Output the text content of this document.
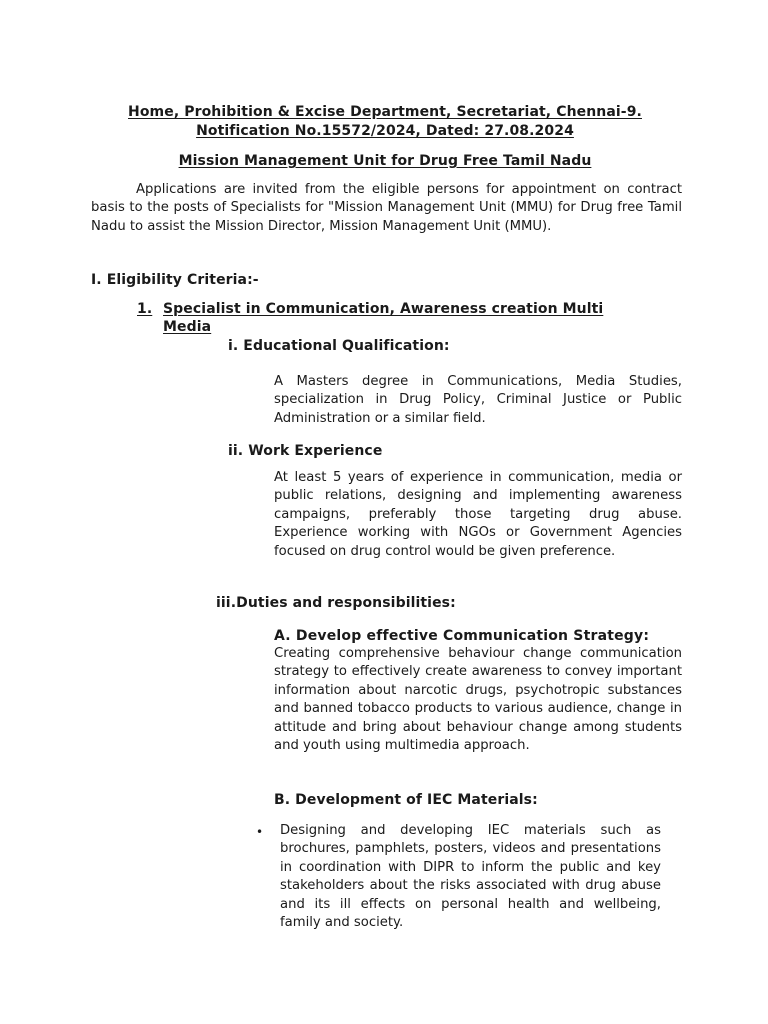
Home, Prohibition & Excise Department, Secretariat, Chennai-9.

Notification No.15572/2024, Dated: 27.08.2024

Mission Management Unit for Drug Free Tamil Nadu

Applications are invited from the eligible persons for appointment on contract basis to the posts of Specialists for "Mission Management Unit (MMU) for Drug free Tamil Nadu to assist the Mission Director, Mission Management Unit (MMU).

I. Eligibility Criteria:-

1. Specialist in Communication, Awareness creation Multi

Media

i. Educational Qualification:

A Masters degree in Communications, Media Studies, specialization in Drug Policy, Criminal Justice or Public Administration or a similar field.

ii. Work Experience

At least 5 years of experience in communication, media or public relations, designing and implementing awareness campaigns, preferably those targeting drug abuse. Experience working with NGOs or Government Agencies focused on drug control would be given preference.

iii.Duties and responsibilities:

A. Develop effective Communication Strategy:

Creating comprehensive behaviour change communication strategy to effectively create awareness to convey important information about narcotic drugs, psychotropic substances and banned tobacco products to various audience, change in attitude and bring about behaviour change among students and youth using multimedia approach.

B. Development of IEC Materials:

• Designing and developing IEC materials such as brochures, pamphlets, posters, videos and presentations in coordination with DIPR to inform the public and key stakeholders about the risks associated with drug abuse and its ill effects on personal health and wellbeing, family and society.
